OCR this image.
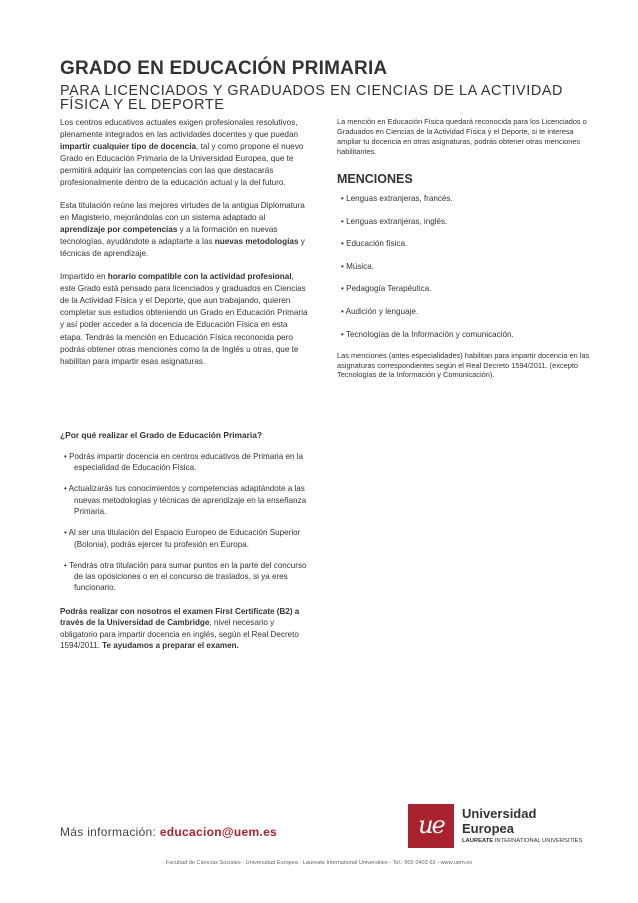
GRADO EN EDUCACIÓN PRIMARIA
PARA LICENCIADOS Y GRADUADOS EN CIENCIAS DE LA ACTIVIDAD FÍSICA Y EL DEPORTE

Los centros educativos actuales exigen profesionales resolutivos, plenamente integrados en las actividades docentes y que puedan impartir cualquier tipo de docencia, tal y como propone el nuevo Grado en Educación Primaria de la Universidad Europea, que te permitirá adquirir las competencias con las que destacarás profesionalmente dentro de la educación actual y la del futuro.

Esta titulación reúne las mejores virtudes de la antigua Diplomatura en Magisterio, mejorándolas con un sistema adaptado al aprendizaje por competencias y a la formación en nuevas tecnologías, ayudándote a adaptarte a las nuevas metodologías y técnicas de aprendizaje.

Impartido en horario compatible con la actividad profesional, este Grado está pensado para licenciados y graduados en Ciencias de la Actividad Física y el Deporte, que aun trabajando, quieren completar sus estudios obteniendo un Grado en Educación Primaria y así poder acceder a la docencia de Educación Física en esta etapa. Tendrás la mención en Educación Física reconocida pero podrás obtener otras menciones como la de Inglés u otras, que te habilitan para impartir esas asignaturas.

La mención en Educación Física quedará reconocida para los Licenciados o Graduados en Ciencias de la Actividad Física y el Deporte, si te interesa ampliar tu docencia en otras asignaturas, podrás obtener otras menciones habilitantes.

MENCIONES
• Lenguas extranjeras, francés.
• Lenguas extranjeras, inglés.
• Educación física.
• Música.
• Pedagogía Terapéutica.
• Audición y lenguaje.
• Tecnologías de la Información y comunicación.
Las menciones (antes especialidades) habilitan para impartir docencia en las asignaturas correspondientes según el Real Decreto 1594/2011. (excepto Tecnologías de la Información y Comunicación).
¿Por qué realizar el Grado de Educación Primaria?
• Podrás impartir docencia en centros educativos de Primaria en la especialidad de Educación Física.
• Actualizarás tus conocimientos y competencias adaptándote a las nuevas metodologías y técnicas de aprendizaje en la enseñanza Primaria.
• Al ser una titulación del Espacio Europeo de Educación Superior (Bolonia), podrás ejercer tu profesión en Europa.
• Tendrás otra titulación para sumar puntos en la parte del concurso de las oposiciones o en el concurso de traslados, si ya eres funcionario.
Podrás realizar con nosotros el examen First Certificate (B2) a través de la Universidad de Cambridge, nivel necesario y obligatorio para impartir docencia en inglés, según el Real Decreto 1594/2011. Te ayudamos a preparar el examen.
Más información: educacion@uem.es	ue	Universidad
Europea
LAUREATE INTERNATIONAL UNIVERSITIES
Facultad de Ciencias Sociales - Universidad Europea - Laureate International Universities - Tel.: 902 0403 63 - www.uem.es
